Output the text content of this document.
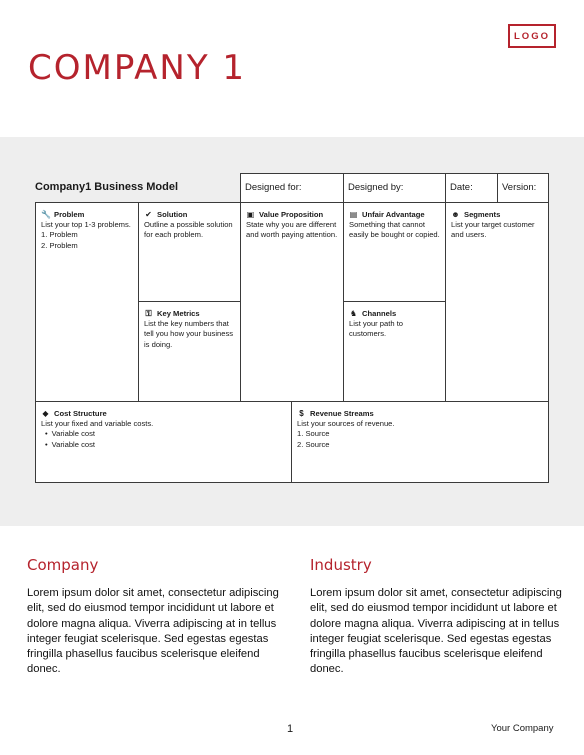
LOGO
COMPANY 1
Company1 Business Model	Designed for:	Designed by:	Date:	Version:
🔧 Problem
List your top 1-3 problems.
1. Problem
2. Problem
✔ Solution
Outline a possible solution for each problem.
⚿ Key Metrics
List the key numbers that tell you how your business is doing.
▣ Value Proposition
State why you are different and worth paying attention.
▤ Unfair Advantage
Something that cannot easily be bought or copied.
♞ Channels
List your path to customers.
☻ Segments
List your target customer and users.
◆ Cost Structure
List your fixed and variable costs.
• Variable cost
• Variable cost
$ Revenue Streams
List your sources of revenue.
1. Source
2. Source
Company
Lorem ipsum dolor sit amet, consectetur adipiscing elit, sed do eiusmod tempor incididunt ut labore et dolore magna aliqua. Viverra adipiscing at in tellus integer feugiat scelerisque. Sed egestas egestas fringilla phasellus faucibus scelerisque eleifend donec.
Industry
Lorem ipsum dolor sit amet, consectetur adipiscing elit, sed do eiusmod tempor incididunt ut labore et dolore magna aliqua. Viverra adipiscing at in tellus integer feugiat scelerisque. Sed egestas egestas fringilla phasellus faucibus scelerisque eleifend donec.
1	Your Company
